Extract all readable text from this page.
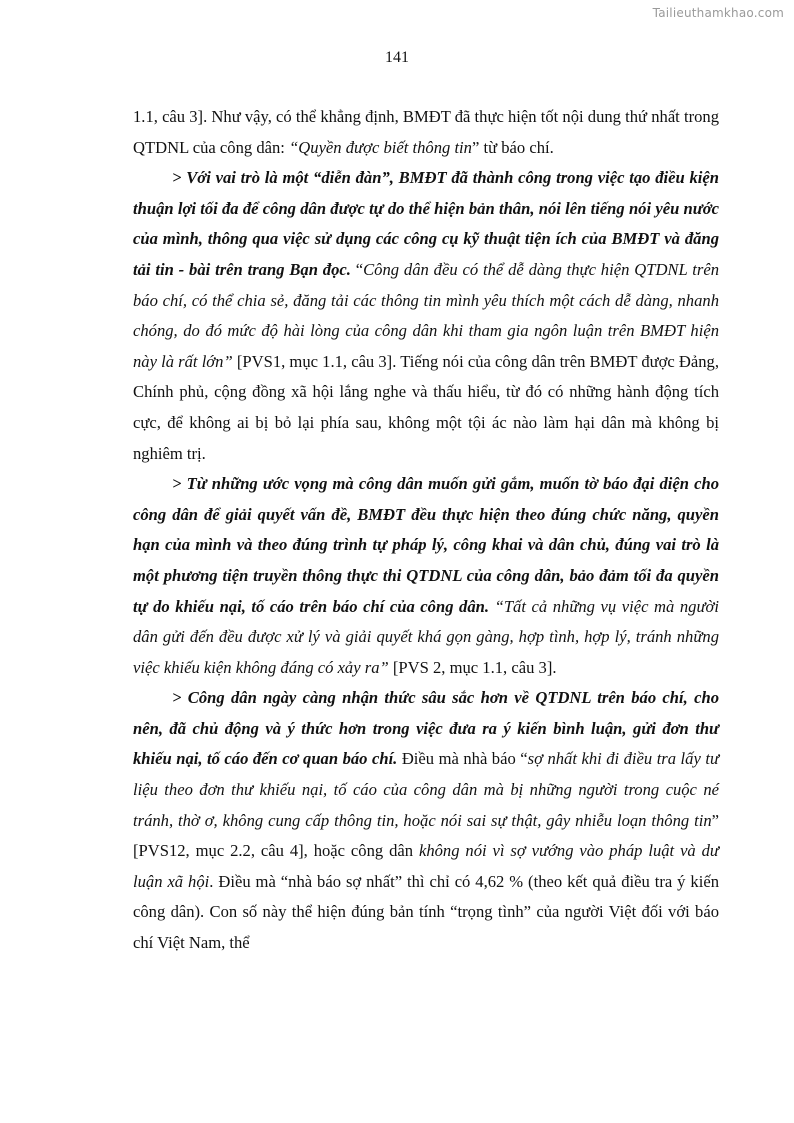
Tailieuthamkhao.com
141

1.1, câu 3]. Như vậy, có thể khẳng định, BMĐT đã thực hiện tốt nội dung thứ nhất trong QTDNL của công dân: “Quyền được biết thông tin” từ báo chí.

> Với vai trò là một “diễn đàn”, BMĐT đã thành công trong việc tạo điều kiện thuận lợi tối đa để công dân được tự do thể hiện bản thân, nói lên tiếng nói yêu nước của mình, thông qua việc sử dụng các công cụ kỹ thuật tiện ích của BMĐT và đăng tải tin - bài trên trang Bạn đọc. “Công dân đều có thể dễ dàng thực hiện QTDNL trên báo chí, có thể chia sẻ, đăng tải các thông tin mình yêu thích một cách dễ dàng, nhanh chóng, do đó mức độ hài lòng của công dân khi tham gia ngôn luận trên BMĐT hiện này là rất lớn” [PVS1, mục 1.1, câu 3]. Tiếng nói của công dân trên BMĐT được Đảng, Chính phủ, cộng đồng xã hội lắng nghe và thấu hiểu, từ đó có những hành động tích cực, để không ai bị bỏ lại phía sau, không một tội ác nào làm hại dân mà không bị nghiêm trị.

> Từ những ước vọng mà công dân muốn gửi gắm, muốn tờ báo đại diện cho công dân để giải quyết vấn đề, BMĐT đều thực hiện theo đúng chức năng, quyền hạn của mình và theo đúng trình tự pháp lý, công khai và dân chủ, đúng vai trò là một phương tiện truyền thông thực thi QTDNL của công dân, bảo đảm tối đa quyền tự do khiếu nại, tố cáo trên báo chí của công dân. “Tất cả những vụ việc mà người dân gửi đến đều được xử lý và giải quyết khá gọn gàng, hợp tình, hợp lý, tránh những việc khiếu kiện không đáng có xảy ra” [PVS 2, mục 1.1, câu 3].

> Công dân ngày càng nhận thức sâu sắc hơn về QTDNL trên báo chí, cho nên, đã chủ động và ý thức hơn trong việc đưa ra ý kiến bình luận, gửi đơn thư khiếu nại, tố cáo đến cơ quan báo chí. Điều mà nhà báo “sợ nhất khi đi điều tra lấy tư liệu theo đơn thư khiếu nại, tố cáo của công dân mà bị những người trong cuộc né tránh, thờ ơ, không cung cấp thông tin, hoặc nói sai sự thật, gây nhiễu loạn thông tin” [PVS12, mục 2.2, câu 4], hoặc công dân không nói vì sợ vướng vào pháp luật và dư luận xã hội. Điều mà “nhà báo sợ nhất” thì chỉ có 4,62 % (theo kết quả điều tra ý kiến công dân). Con số này thể hiện đúng bản tính “trọng tình” của người Việt đối với báo chí Việt Nam, thể
